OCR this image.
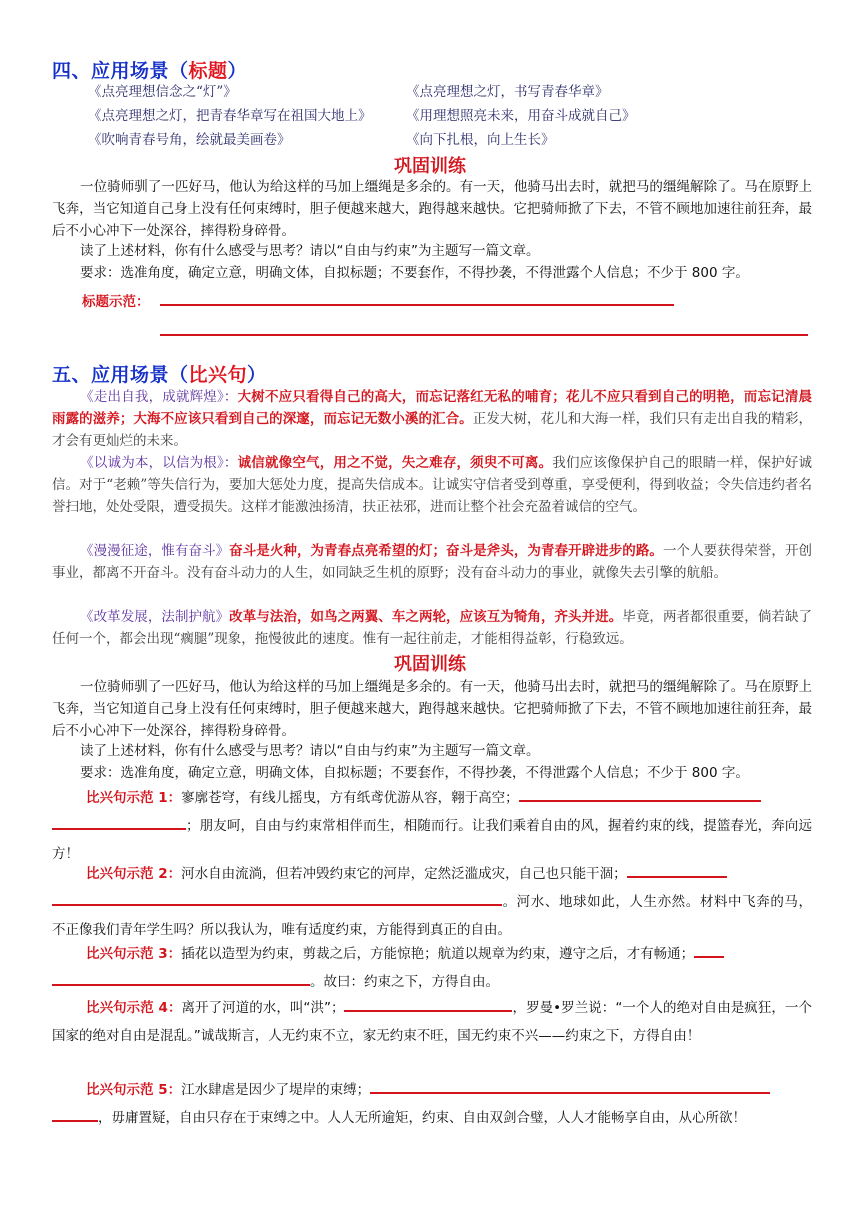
四、应用场景（标题）
《点亮理想信念之“灯”》	《点亮理想之灯，书写青春华章》
《点亮理想之灯，把青春华章写在祖国大地上》	《用理想照亮未来，用奋斗成就自己》
《吹响青春号角，绘就最美画卷》	《向下扎根，向上生长》
巩固训练
一位骑师驯了一匹好马，他认为给这样的马加上缰绳是多余的。有一天，他骑马出去时，就把马的缰绳解除了。马在原野上飞奔，当它知道自己身上没有任何束缚时，胆子便越来越大，跑得越来越快。它把骑师掀了下去，不管不顾地加速往前狂奔，最后不小心冲下一处深谷，摔得粉身碎骨。
读了上述材料，你有什么感受与思考？请以“自由与约束”为主题写一篇文章。
要求：选准角度，确定立意，明确文体，自拟标题；不要套作，不得抄袭，不得泄露个人信息；不少于 800 字。
标题示范：
五、应用场景（比兴句）
《走出自我，成就辉煌》：大树不应只看得自己的高大，而忘记落红无私的哺育；花儿不应只看到自己的明艳，而忘记清晨雨露的滋养；大海不应该只看到自己的深邃，而忘记无数小溪的汇合。正发大树，花儿和大海一样，我们只有走出自我的精彩，才会有更灿烂的未来。
《以诚为本，以信为根》：诚信就像空气，用之不觉，失之难存，须臾不可离。我们应该像保护自己的眼睛一样，保护好诚信。对于“老赖”等失信行为，要加大惩处力度，提高失信成本。让诚实守信者受到尊重，享受便利，得到收益；令失信违约者名誉扫地，处处受限，遭受损失。这样才能激浊扬清，扶正祛邪，进而让整个社会充盈着诚信的空气。
《漫漫征途，惟有奋斗》奋斗是火种，为青春点亮希望的灯；奋斗是斧头，为青春开辟进步的路。一个人要获得荣誉，开创事业，都离不开奋斗。没有奋斗动力的人生，如同缺乏生机的原野；没有奋斗动力的事业，就像失去引擎的航船。
《改革发展，法制护航》改革与法治，如鸟之两翼、车之两轮，应该互为犄角，齐头并进。毕竟，两者都很重要，倘若缺了任何一个，都会出现“瘸腿”现象，拖慢彼此的速度。惟有一起往前走，才能相得益彰，行稳致远。
巩固训练
一位骑师驯了一匹好马，他认为给这样的马加上缰绳是多余的。有一天，他骑马出去时，就把马的缰绳解除了。马在原野上飞奔，当它知道自己身上没有任何束缚时，胆子便越来越大，跑得越来越快。它把骑师掀了下去，不管不顾地加速往前狂奔，最后不小心冲下一处深谷，摔得粉身碎骨。
读了上述材料，你有什么感受与思考？请以“自由与约束”为主题写一篇文章。
要求：选准角度，确定立意，明确文体，自拟标题；不要套作，不得抄袭，不得泄露个人信息；不少于 800 字。
比兴句示范 1：寥廓苍穹，有线儿摇曳，方有纸鸢优游从容，翱于高空；
；朋友呵，自由与约束常相伴而生，相随而行。让我们乘着自由的风，握着约束的线，提篮春光，奔向远方！
比兴句示范 2：河水自由流淌，但若冲毁约束它的河岸，定然泛滥成灾，自己也只能干涸；
。河水、地球如此，人生亦然。材料中飞奔的马，不正像我们青年学生吗？所以我认为，唯有适度约束，方能得到真正的自由。
比兴句示范 3：插花以造型为约束，剪裁之后，方能惊艳；航道以规章为约束，遵守之后，才有畅通；
。故曰：约束之下，方得自由。
比兴句示范 4：离开了河道的水，叫“洪”；	，罗曼•罗兰说：“一个人的绝对自由是疯狂，一个国家的绝对自由是混乱。”诚哉斯言，人无约束不立，家无约束不旺，国无约束不兴——约束之下，方得自由！
比兴句示范 5：江水肆虐是因少了堤岸的束缚；
，毋庸置疑，自由只存在于束缚之中。人人无所逾矩，约束、自由双剑合璧，人人才能畅享自由，从心所欲！
